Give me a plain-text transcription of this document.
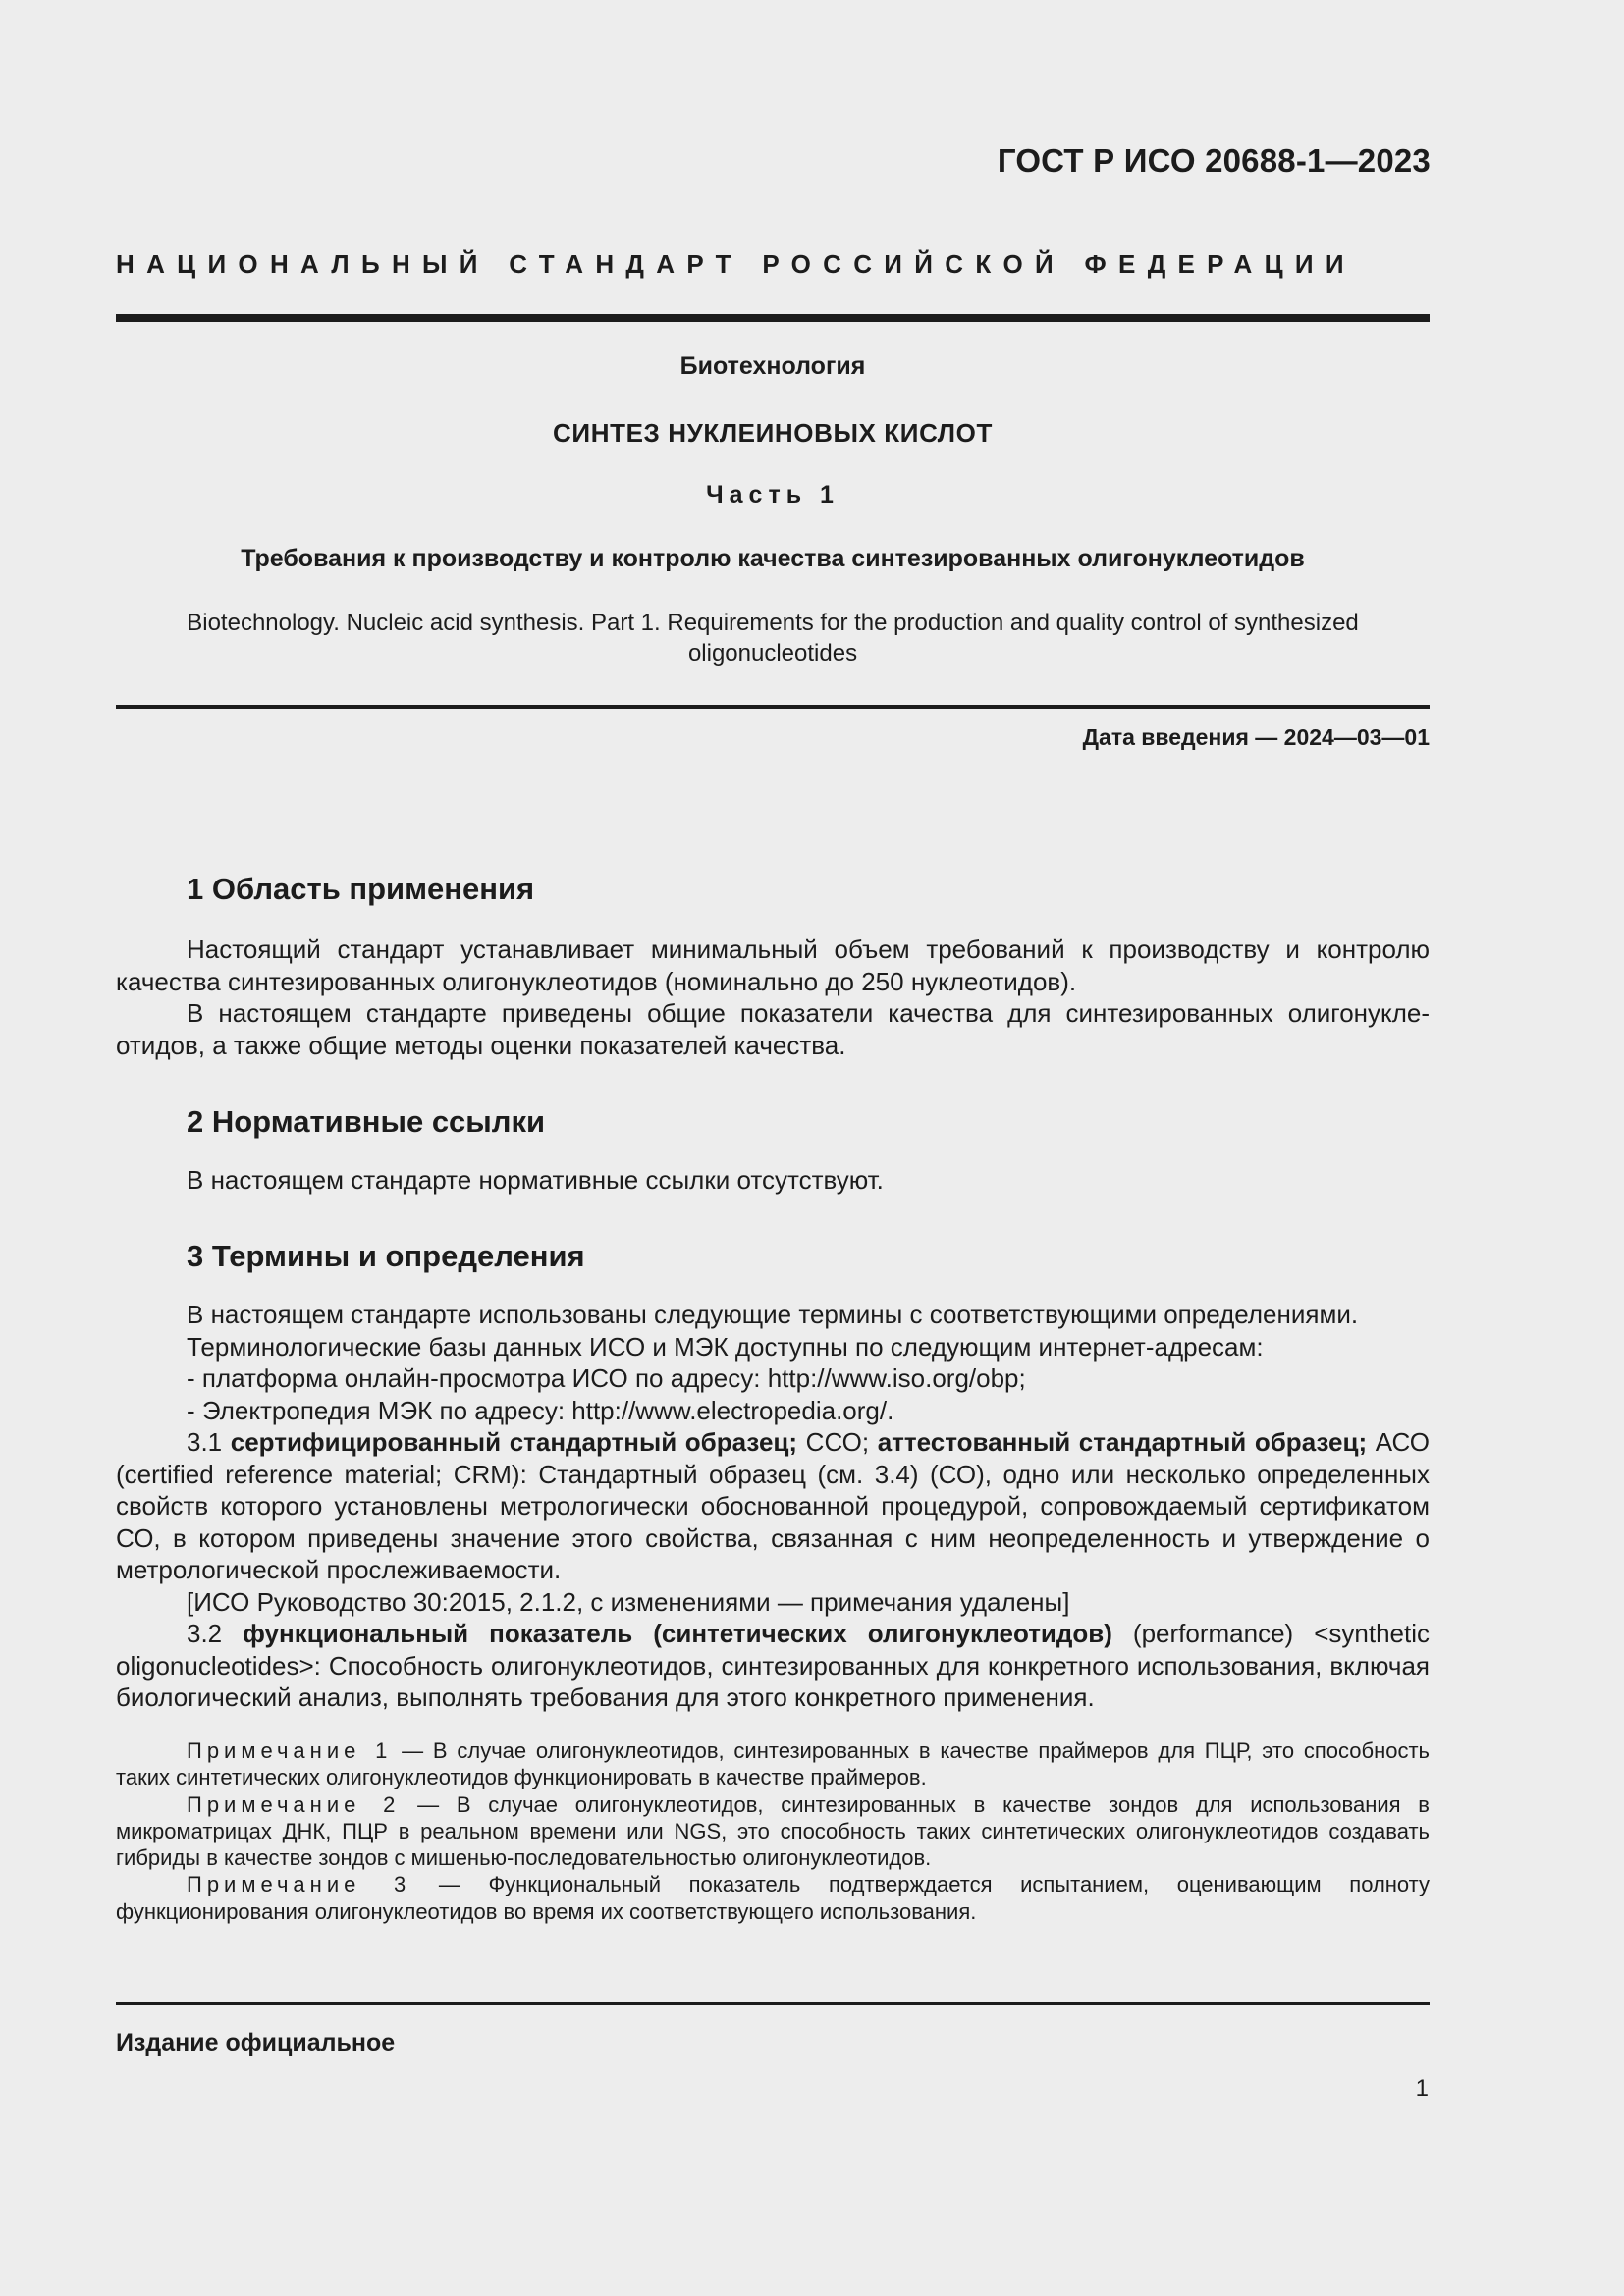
ГОСТ Р ИСО 20688-1—2023
НАЦИОНАЛЬНЫЙ СТАНДАРТ РОССИЙСКОЙ ФЕДЕРАЦИИ
Биотехнология
СИНТЕЗ НУКЛЕИНОВЫХ КИСЛОТ
Часть 1
Требования к производству и контролю качества синтезированных олигонуклеотидов
Biotechnology. Nucleic acid synthesis. Part 1. Requirements for the production and quality control of synthesized oligonucleotides
Дата введения — 2024—03—01
1 Область применения

Настоящий стандарт устанавливает минимальный объем требований к производству и контролю качества синтезированных олигонуклеотидов (номинально до 250 нуклеотидов).

В настоящем стандарте приведены общие показатели качества для синтезированных олигонуклеотидов, а также общие методы оценки показателей качества.

2 Нормативные ссылки

В настоящем стандарте нормативные ссылки отсутствуют.

3 Термины и определения

В настоящем стандарте использованы следующие термины с соответствующими определениями.

Терминологические базы данных ИСО и МЭК доступны по следующим интернет-адресам:

- платформа онлайн-просмотра ИСО по адресу: http://www.iso.org/obp;

- Электропедия МЭК по адресу: http://www.electropedia.org/.

3.1 сертифицированный стандартный образец; ССО; аттестованный стандартный образец; АСО (certified reference material; CRM): Стандартный образец (см. 3.4) (СО), одно или несколько определенных свойств которого установлены метрологически обоснованной процедурой, сопровождаемый сертификатом СО, в котором приведены значение этого свойства, связанная с ним неопределенность и утверждение о метрологической прослеживаемости.

[ИСО Руководство 30:2015, 2.1.2, с изменениями — примечания удалены]

3.2 функциональный показатель (синтетических олигонуклеотидов) (performance) <synthetic oligonucleotides>: Способность олигонуклеотидов, синтезированных для конкретного использования, включая биологический анализ, выполнять требования для этого конкретного применения.

Примечание 1 — В случае олигонуклеотидов, синтезированных в качестве праймеров для ПЦР, это способность таких синтетических олигонуклеотидов функционировать в качестве праймеров.

Примечание 2 — В случае олигонуклеотидов, синтезированных в качестве зондов для использования в микроматрицах ДНК, ПЦР в реальном времени или NGS, это способность таких синтетических олигонуклеотидов создавать гибриды в качестве зондов с мишенью-последовательностью олигонуклеотидов.

Примечание 3 — Функциональный показатель подтверждается испытанием, оценивающим полноту функционирования олигонуклеотидов во время их соответствующего использования.

Издание официальное
1
